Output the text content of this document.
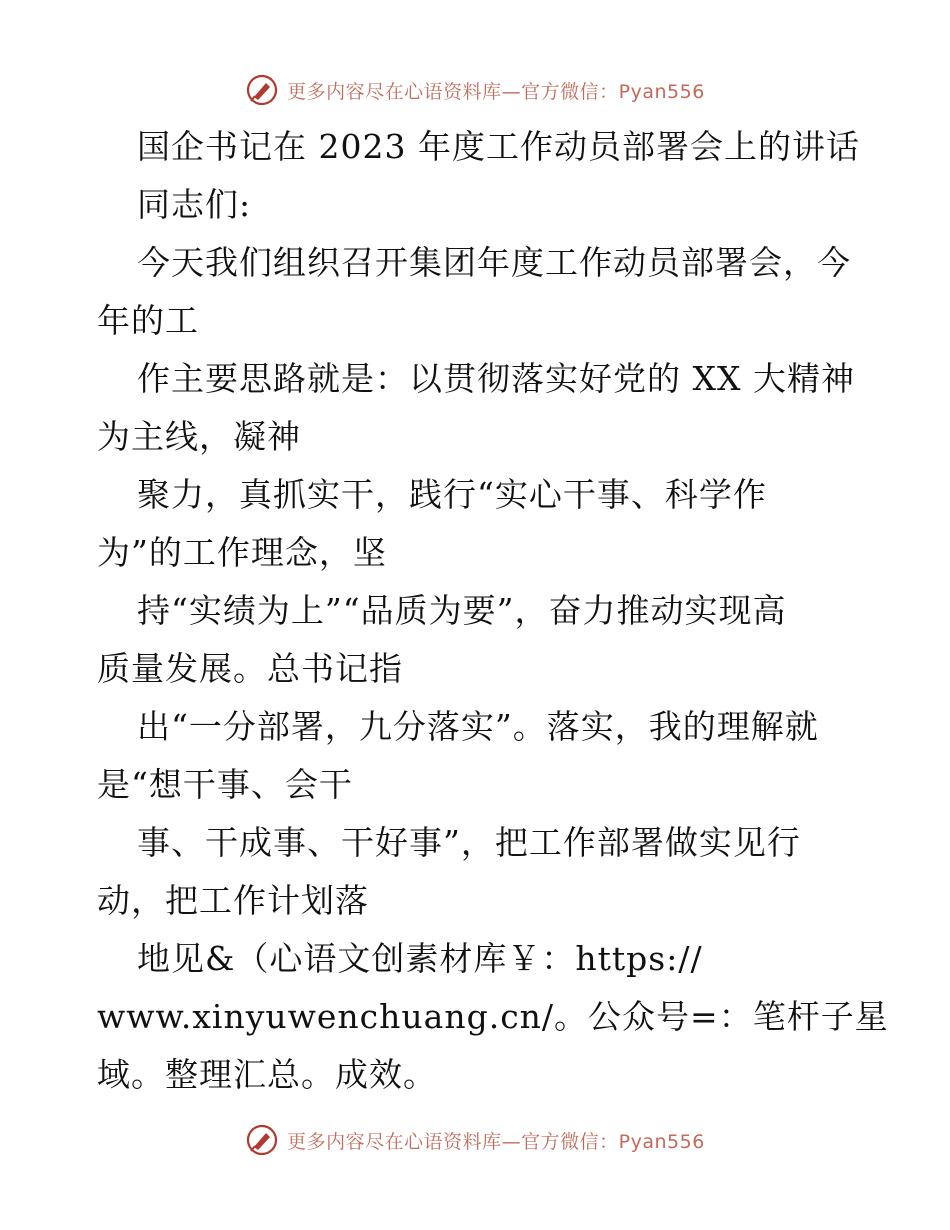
更多内容尽在心语资料库—官方微信：Pyan556
国企书记在 2023 年度工作动员部署会上的讲话
同志们:
今天我们组织召开集团年度工作动员部署会，今
年的工
作主要思路就是：以贯彻落实好党的 XX 大精神
为主线，凝神
聚力，真抓实干，践行“实心干事、科学作
为”的工作理念，坚
持“实绩为上”“品质为要”，奋力推动实现高
质量发展。总书记指
出“一分部署，九分落实”。落实，我的理解就
是“想干事、会干
事、干成事、干好事”，把工作部署做实见行
动，把工作计划落
地见&（心语文创素材库￥：https://
www.xinyuwenchuang.cn/。公众号=：笔杆子星
域。整理汇总。成效。
更多内容尽在心语资料库—官方微信：Pyan556
